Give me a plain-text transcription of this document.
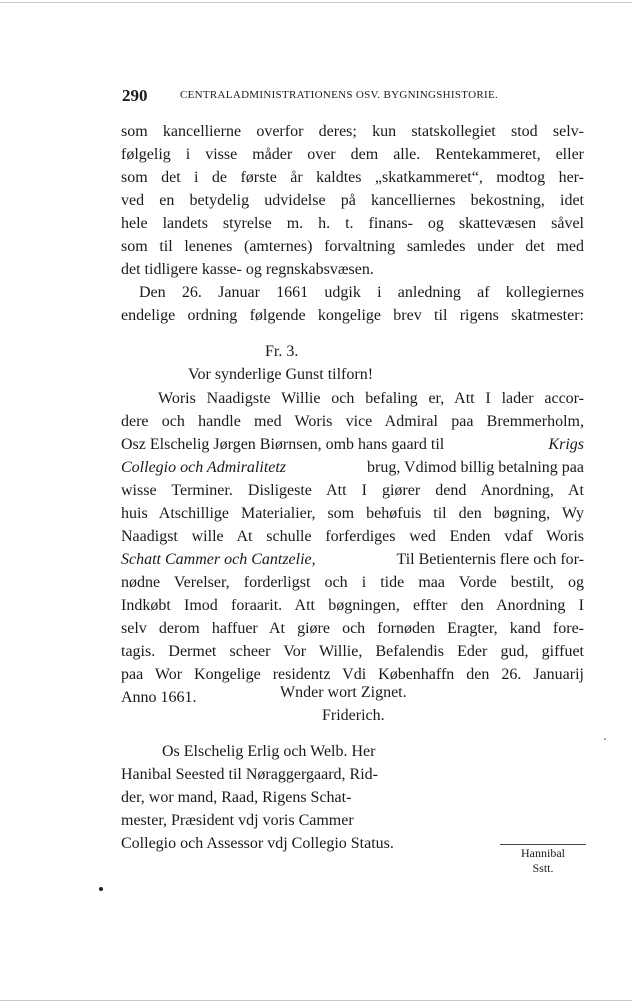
290	CENTRALADMINISTRATIONENS OSV. BYGNINGSHISTORIE.
som kancellierne overfor deres; kun statskollegiet stod selv-
følgelig i visse måder over dem alle. Rentekammeret, eller
som det i de første år kaldtes „skatkammeret“, modtog her-
ved en betydelig udvidelse på kancelliernes bekostning, idet
hele landets styrelse m. h. t. finans- og skattevæsen såvel
som til lenenes (amternes) forvaltning samledes under det med
det tidligere kasse- og regnskabsvæsen.
Den 26. Januar 1661 udgik i anledning af kollegiernes
endelige ordning følgende kongelige brev til rigens skatmester:
Fr. 3.
Vor synderlige Gunst tilforn!
Woris Naadigste Willie och befaling er, Att I lader accor-
dere och handle med Woris vice Admiral paa Bremmerholm,
Osz Elschelig Jørgen Biørnsen, omb hans gaard til	Krigs
Collegio och Admiralitetz	brug, Vdimod billig betalning paa
wisse Terminer. Disligeste Att I giører dend Anordning, At
huis Atschillige Materialier, som behøfuis til den bøgning, Wy
Naadigst wille At schulle forferdiges wed Enden vdaf Woris
Schatt Cammer och Cantzelie,	Til Betienternis flere och for-
nødne Verelser, forderligst och i tide maa Vorde bestilt, og
Indkøbt Imod foraarit. Att bøgningen, effter den Anordning I
selv derom haffuer At giøre och fornøden Eragter, kand fore-
tagis. Dermet scheer Vor Willie, Befalendis Eder gud, giffuet
paa Wor Kongelige residentz Vdi Københaffn den 26. Januarij
Anno 1661.	Wnder wort Zignet.
Friderich.
Os Elschelig Erlig och Welb. Her
Hanibal Seested til Nøraggergaard, Rid-
der, wor mand, Raad, Rigens Schat-
mester, Præsident vdj voris Cammer
Collegio och Assessor vdj Collegio Status.
Hannibal
Sstt.
